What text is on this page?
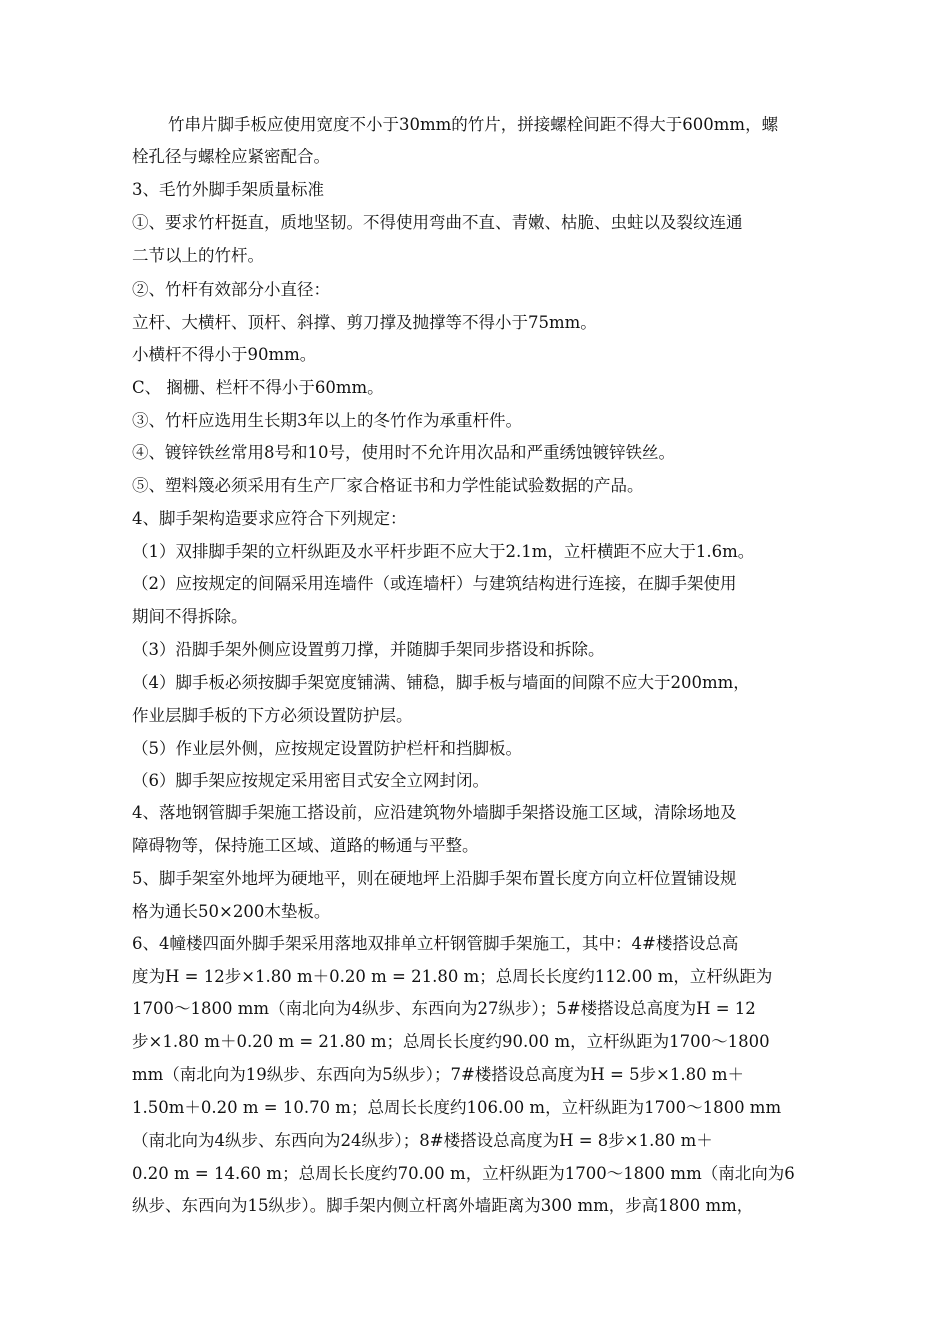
竹串片脚手板应使用宽度不小于30mm的竹片，拼接螺栓间距不得大于600mm，螺
栓孔径与螺栓应紧密配合。
3、毛竹外脚手架质量标准
①、要求竹杆挺直，质地坚韧。不得使用弯曲不直、青嫩、枯脆、虫蛀以及裂纹连通
二节以上的竹杆。
②、竹杆有效部分小直径：
立杆、大横杆、顶杆、斜撑、剪刀撑及抛撑等不得小于75mm。
小横杆不得小于90mm。
C、 搁栅、栏杆不得小于60mm。
③、竹杆应选用生长期3年以上的冬竹作为承重杆件。
④、镀锌铁丝常用8号和10号，使用时不允许用次品和严重绣蚀镀锌铁丝。
⑤、塑料篾必须采用有生产厂家合格证书和力学性能试验数据的产品。
4、脚手架构造要求应符合下列规定：
（1）双排脚手架的立杆纵距及水平杆步距不应大于2.1m，立杆横距不应大于1.6m。
（2）应按规定的间隔采用连墙件（或连墙杆）与建筑结构进行连接，在脚手架使用
期间不得拆除。
（3）沿脚手架外侧应设置剪刀撑，并随脚手架同步搭设和拆除。
（4）脚手板必须按脚手架宽度铺满、铺稳，脚手板与墙面的间隙不应大于200mm，
作业层脚手板的下方必须设置防护层。
（5）作业层外侧，应按规定设置防护栏杆和挡脚板。
（6）脚手架应按规定采用密目式安全立网封闭。
4、落地钢管脚手架施工搭设前，应沿建筑物外墙脚手架搭设施工区域，清除场地及
障碍物等，保持施工区域、道路的畅通与平整。
5、脚手架室外地坪为硬地平，则在硬地坪上沿脚手架布置长度方向立杆位置铺设规
格为通长50×200木垫板。
6、4幢楼四面外脚手架采用落地双排单立杆钢管脚手架施工，其中：4#楼搭设总高
度为H = 12步×1.80 m＋0.20 m = 21.80 m；总周长长度约112.00 m，立杆纵距为
1700～1800 mm（南北向为4纵步、东西向为27纵步）；5#楼搭设总高度为H = 12
步×1.80 m＋0.20 m = 21.80 m；总周长长度约90.00 m，立杆纵距为1700～1800
mm（南北向为19纵步、东西向为5纵步）；7#楼搭设总高度为H = 5步×1.80 m＋
1.50m＋0.20 m = 10.70 m；总周长长度约106.00 m，立杆纵距为1700～1800 mm
（南北向为4纵步、东西向为24纵步）；8#楼搭设总高度为H = 8步×1.80 m＋
0.20 m = 14.60 m；总周长长度约70.00 m，立杆纵距为1700～1800 mm（南北向为6
纵步、东西向为15纵步）。脚手架内侧立杆离外墙距离为300 mm，步高1800 mm，
